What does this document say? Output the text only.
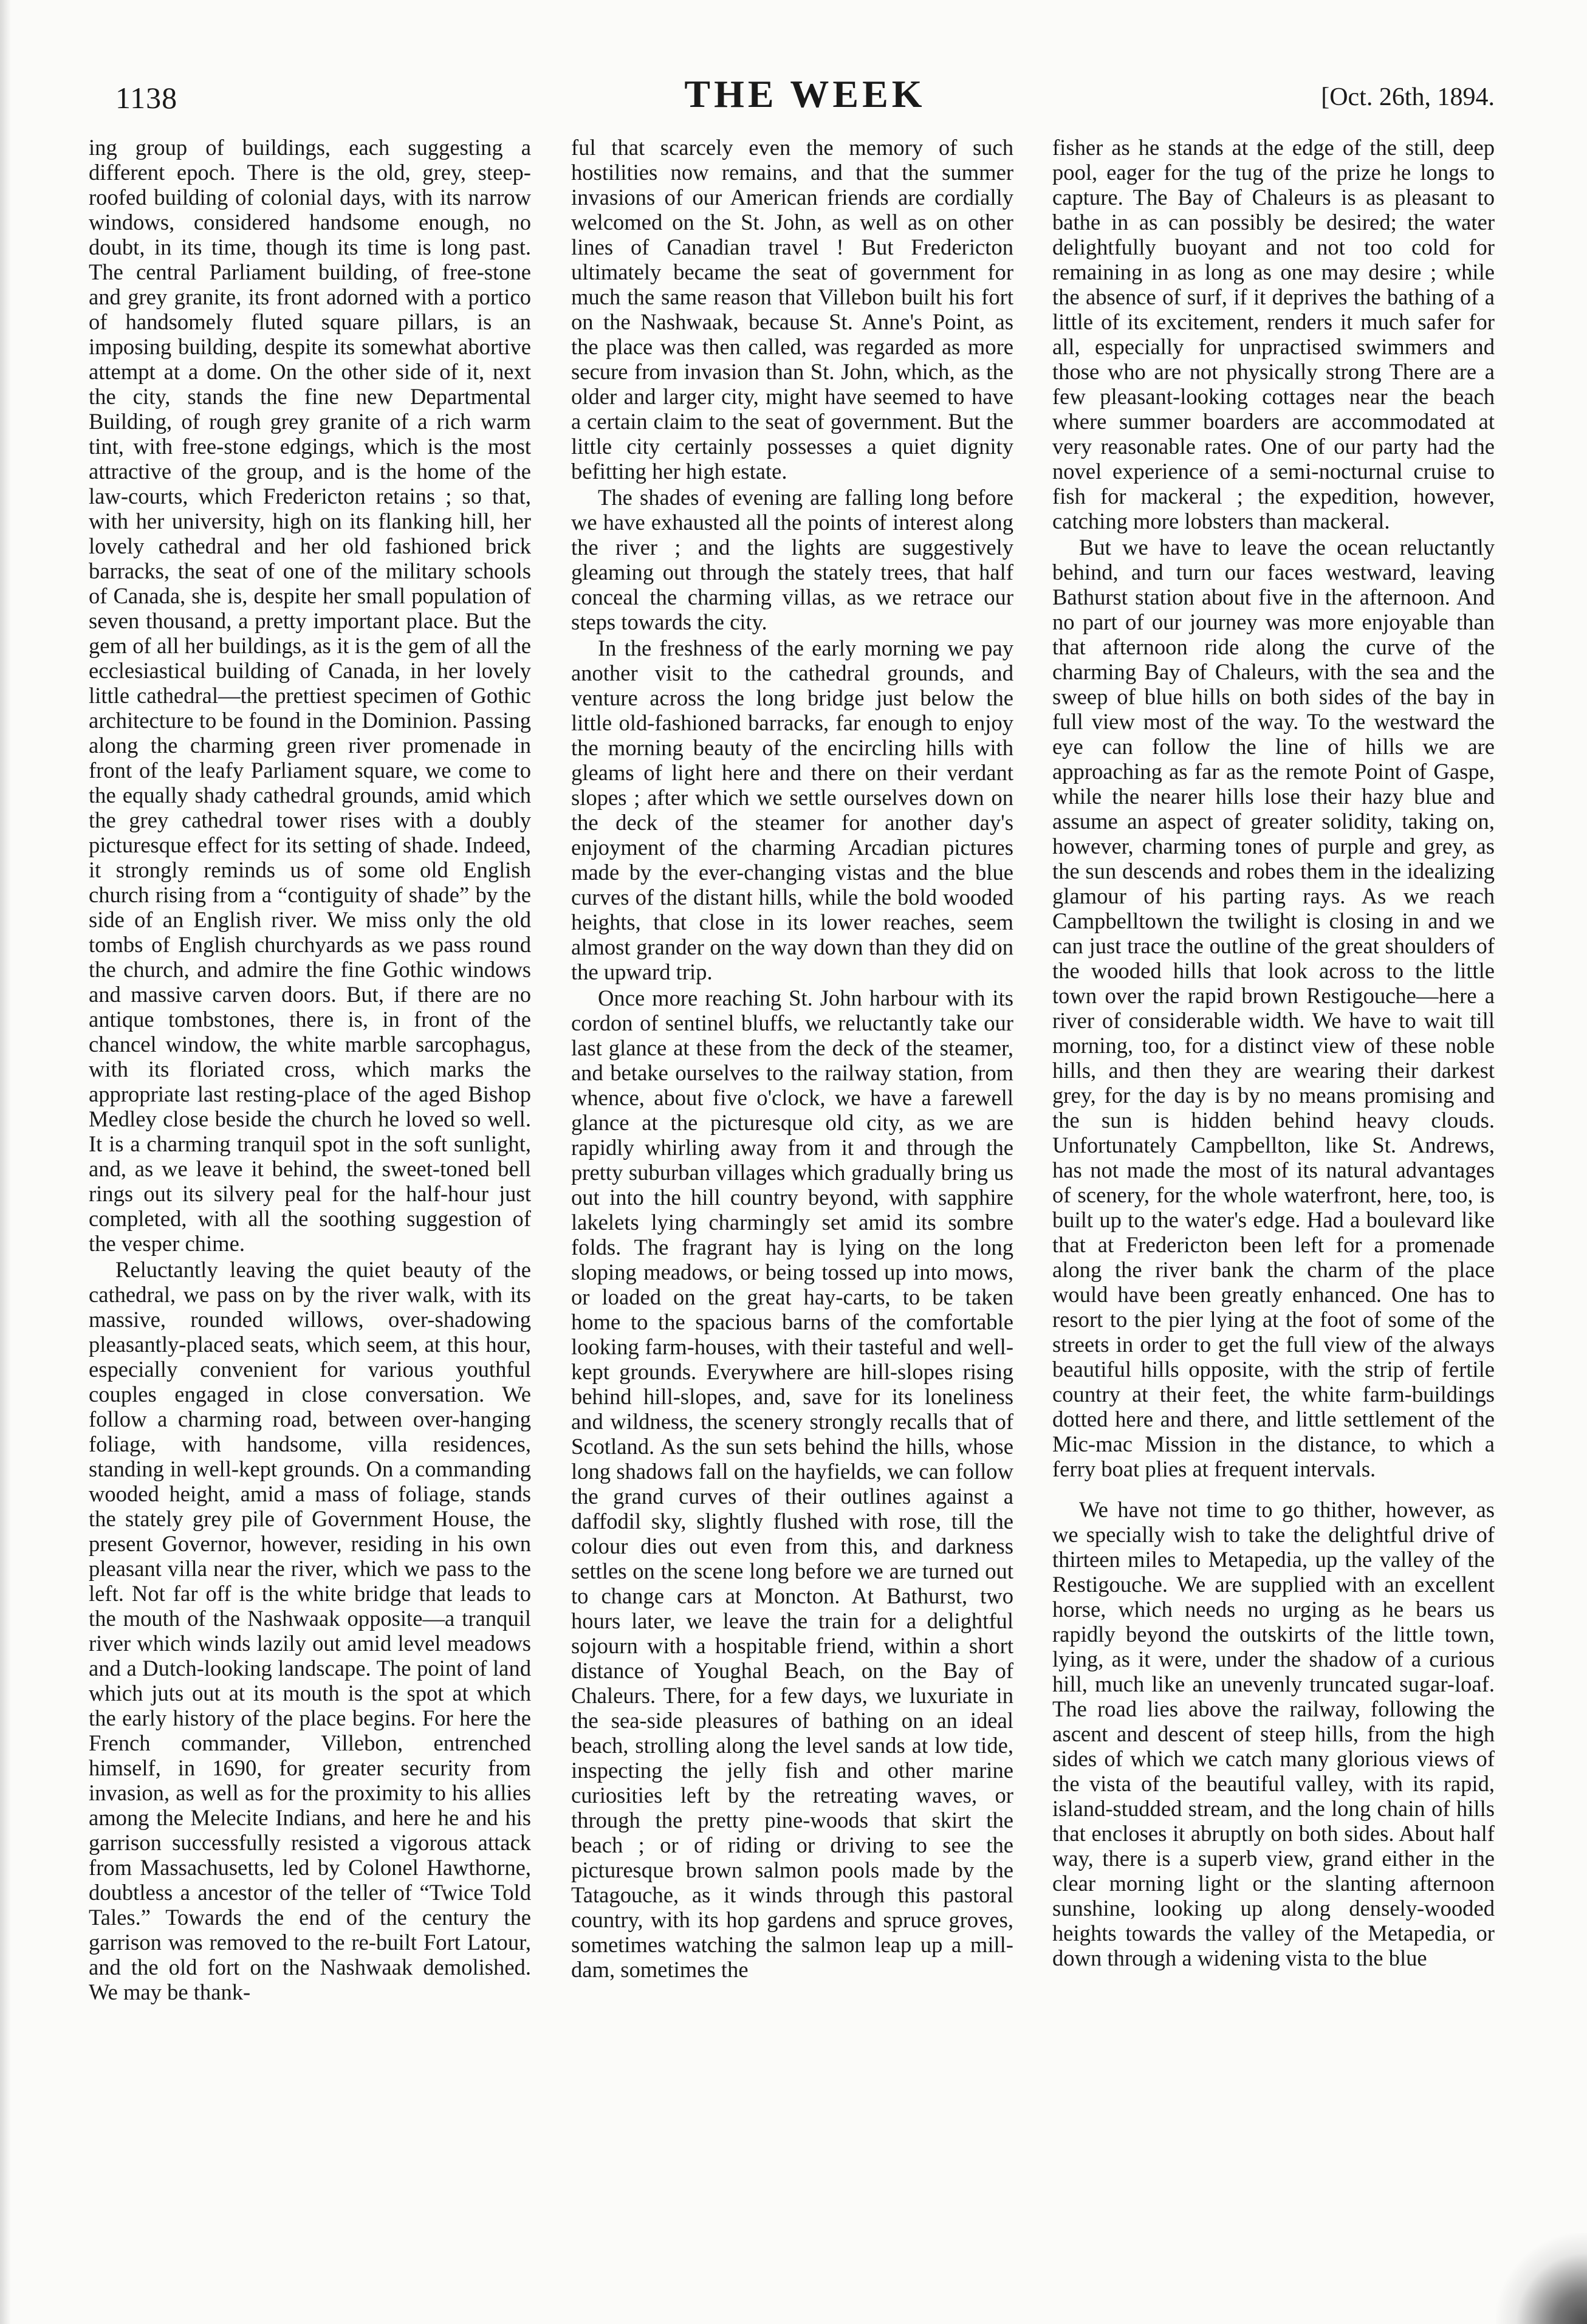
1138	THE WEEK	[Oct. 26th, 1894.

ing group of buildings, each suggesting a different epoch. There is the old, grey, steep-roofed building of colonial days, with its narrow windows, considered handsome enough, no doubt, in its time, though its time is long past. The central Parliament building, of free-stone and grey granite, its front adorned with a portico of handsomely fluted square pillars, is an imposing building, despite its somewhat abortive attempt at a dome. On the other side of it, next the city, stands the fine new Departmental Building, of rough grey granite of a rich warm tint, with free-stone edgings, which is the most attractive of the group, and is the home of the law-courts, which Fredericton retains ; so that, with her university, high on its flanking hill, her lovely cathedral and her old fashioned brick barracks, the seat of one of the military schools of Canada, she is, despite her small population of seven thousand, a pretty important place. But the gem of all her buildings, as it is the gem of all the ecclesiastical building of Canada, in her lovely little cathedral—the prettiest specimen of Gothic architecture to be found in the Dominion. Passing along the charming green river promenade in front of the leafy Parliament square, we come to the equally shady cathedral grounds, amid which the grey cathedral tower rises with a doubly picturesque effect for its setting of shade. Indeed, it strongly reminds us of some old English church rising from a “contiguity of shade” by the side of an English river. We miss only the old tombs of English churchyards as we pass round the church, and admire the fine Gothic windows and massive carven doors. But, if there are no antique tombstones, there is, in front of the chancel window, the white marble sarcophagus, with its floriated cross, which marks the appropriate last resting-place of the aged Bishop Medley close beside the church he loved so well. It is a charming tranquil spot in the soft sunlight, and, as we leave it behind, the sweet-toned bell rings out its silvery peal for the half-hour just completed, with all the soothing suggestion of the vesper chime.

Reluctantly leaving the quiet beauty of the cathedral, we pass on by the river walk, with its massive, rounded willows, over-shadowing pleasantly-placed seats, which seem, at this hour, especially convenient for various youthful couples engaged in close conversation. We follow a charming road, between over-hanging foliage, with handsome, villa residences, standing in well-kept grounds. On a commanding wooded height, amid a mass of foliage, stands the stately grey pile of Government House, the present Governor, however, residing in his own pleasant villa near the river, which we pass to the left. Not far off is the white bridge that leads to the mouth of the Nashwaak opposite—a tranquil river which winds lazily out amid level meadows and a Dutch-looking landscape. The point of land which juts out at its mouth is the spot at which the early history of the place begins. For here the French commander, Villebon, entrenched himself, in 1690, for greater security from invasion, as well as for the proximity to his allies among the Melecite Indians, and here he and his garrison successfully resisted a vigorous attack from Massachusetts, led by Colonel Hawthorne, doubtless a ancestor of the teller of “Twice Told Tales.” Towards the end of the century the garrison was removed to the re-built Fort Latour, and the old fort on the Nashwaak demolished. We may be thank-

ful that scarcely even the memory of such hostilities now remains, and that the summer invasions of our American friends are cordially welcomed on the St. John, as well as on other lines of Canadian travel ! But Fredericton ultimately became the seat of government for much the same reason that Villebon built his fort on the Nashwaak, because St. Anne's Point, as the place was then called, was regarded as more secure from invasion than St. John, which, as the older and larger city, might have seemed to have a certain claim to the seat of government. But the little city certainly possesses a quiet dignity befitting her high estate.

The shades of evening are falling long before we have exhausted all the points of interest along the river ; and the lights are suggestively gleaming out through the stately trees, that half conceal the charming villas, as we retrace our steps towards the city.

In the freshness of the early morning we pay another visit to the cathedral grounds, and venture across the long bridge just below the little old-fashioned barracks, far enough to enjoy the morning beauty of the encircling hills with gleams of light here and there on their verdant slopes ; after which we settle ourselves down on the deck of the steamer for another day's enjoyment of the charming Arcadian pictures made by the ever-changing vistas and the blue curves of the distant hills, while the bold wooded heights, that close in its lower reaches, seem almost grander on the way down than they did on the upward trip.

Once more reaching St. John harbour with its cordon of sentinel bluffs, we reluctantly take our last glance at these from the deck of the steamer, and betake ourselves to the railway station, from whence, about five o'clock, we have a farewell glance at the picturesque old city, as we are rapidly whirling away from it and through the pretty suburban villages which gradually bring us out into the hill country beyond, with sapphire lakelets lying charmingly set amid its sombre folds. The fragrant hay is lying on the long sloping meadows, or being tossed up into mows, or loaded on the great hay-carts, to be taken home to the spacious barns of the comfortable looking farm-houses, with their tasteful and well-kept grounds. Everywhere are hill-slopes rising behind hill-slopes, and, save for its loneliness and wildness, the scenery strongly recalls that of Scotland. As the sun sets behind the hills, whose long shadows fall on the hayfields, we can follow the grand curves of their outlines against a daffodil sky, slightly flushed with rose, till the colour dies out even from this, and darkness settles on the scene long before we are turned out to change cars at Moncton. At Bathurst, two hours later, we leave the train for a delightful sojourn with a hospitable friend, within a short distance of Youghal Beach, on the Bay of Chaleurs. There, for a few days, we luxuriate in the sea-side pleasures of bathing on an ideal beach, strolling along the level sands at low tide, inspecting the jelly fish and other marine curiosities left by the retreating waves, or through the pretty pine-woods that skirt the beach ; or of riding or driving to see the picturesque brown salmon pools made by the Tatagouche, as it winds through this pastoral country, with its hop gardens and spruce groves, sometimes watching the salmon leap up a mill-dam, sometimes the

fisher as he stands at the edge of the still, deep pool, eager for the tug of the prize he longs to capture. The Bay of Chaleurs is as pleasant to bathe in as can possibly be desired; the water delightfully buoyant and not too cold for remaining in as long as one may desire ; while the absence of surf, if it deprives the bathing of a little of its excitement, renders it much safer for all, especially for unpractised swimmers and those who are not physically strong There are a few pleasant-looking cottages near the beach where summer boarders are accommodated at very reasonable rates. One of our party had the novel experience of a semi-nocturnal cruise to fish for mackeral ; the expedition, however, catching more lobsters than mackeral.

But we have to leave the ocean reluctantly behind, and turn our faces westward, leaving Bathurst station about five in the afternoon. And no part of our journey was more enjoyable than that afternoon ride along the curve of the charming Bay of Chaleurs, with the sea and the sweep of blue hills on both sides of the bay in full view most of the way. To the westward the eye can follow the line of hills we are approaching as far as the remote Point of Gaspe, while the nearer hills lose their hazy blue and assume an aspect of greater solidity, taking on, however, charming tones of purple and grey, as the sun descends and robes them in the idealizing glamour of his parting rays. As we reach Campbelltown the twilight is closing in and we can just trace the outline of the great shoulders of the wooded hills that look across to the little town over the rapid brown Restigouche—here a river of considerable width. We have to wait till morning, too, for a distinct view of these noble hills, and then they are wearing their darkest grey, for the day is by no means promising and the sun is hidden behind heavy clouds. Unfortunately Campbellton, like St. Andrews, has not made the most of its natural advantages of scenery, for the whole waterfront, here, too, is built up to the water's edge. Had a boulevard like that at Fredericton been left for a promenade along the river bank the charm of the place would have been greatly enhanced. One has to resort to the pier lying at the foot of some of the streets in order to get the full view of the always beautiful hills opposite, with the strip of fertile country at their feet, the white farm-buildings dotted here and there, and little settlement of the Mic-mac Mission in the distance, to which a ferry boat plies at frequent intervals.

We have not time to go thither, however, as we specially wish to take the delightful drive of thirteen miles to Metapedia, up the valley of the Restigouche. We are supplied with an excellent horse, which needs no urging as he bears us rapidly beyond the outskirts of the little town, lying, as it were, under the shadow of a curious hill, much like an unevenly truncated sugar-loaf. The road lies above the railway, following the ascent and descent of steep hills, from the high sides of which we catch many glorious views of the vista of the beautiful valley, with its rapid, island-studded stream, and the long chain of hills that encloses it abruptly on both sides. About half way, there is a superb view, grand either in the clear morning light or the slanting afternoon sunshine, looking up along densely-wooded heights towards the valley of the Metapedia, or down through a widening vista to the blue
